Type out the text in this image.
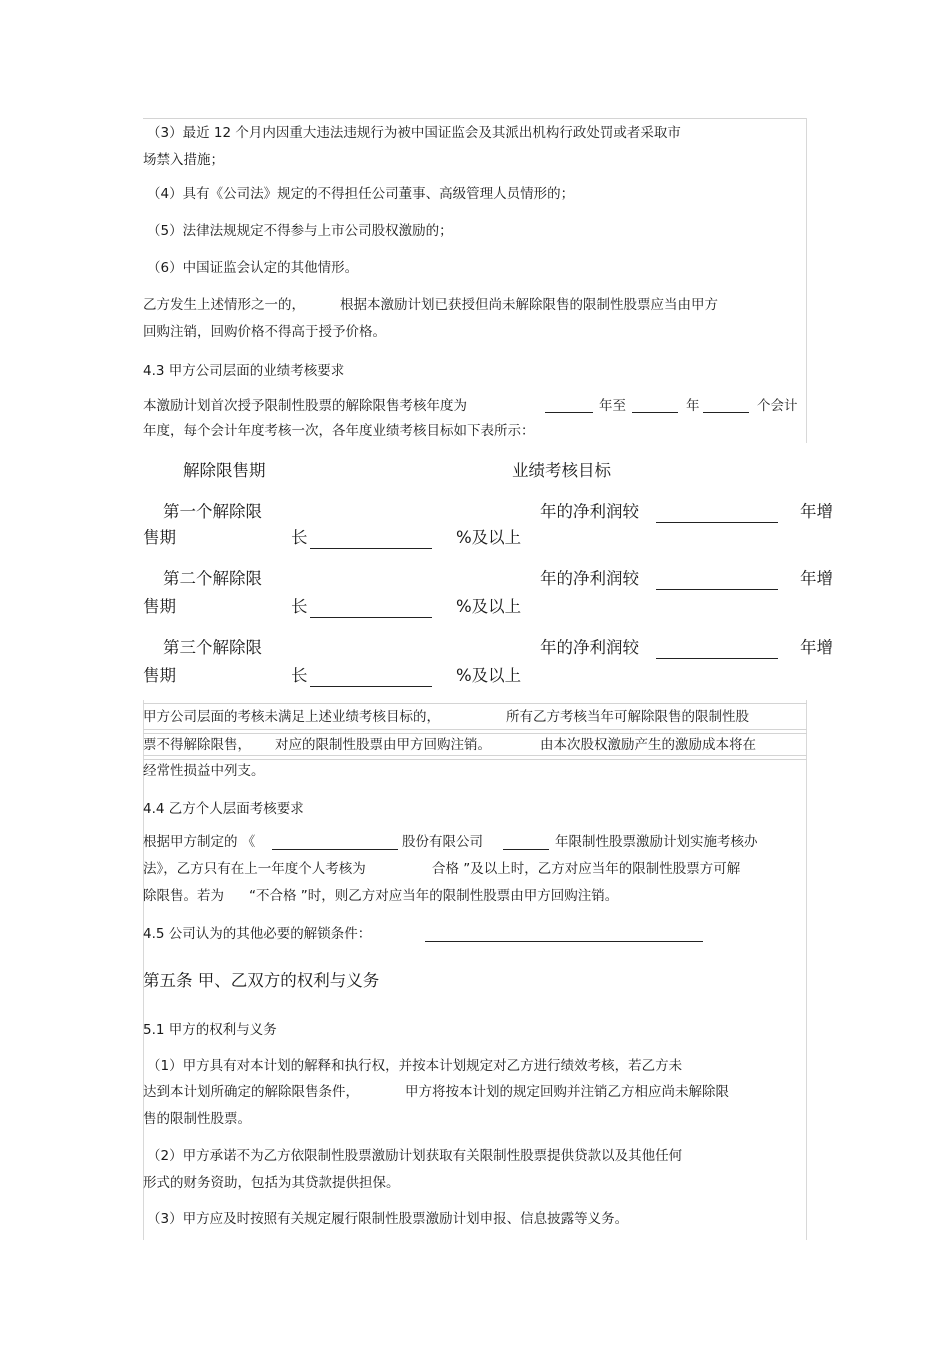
（3）最近 12 个月内因重大违法违规行为被中国证监会及其派出机构行政处罚或者采取市
场禁入措施；
（4）具有《公司法》规定的不得担任公司董事、高级管理人员情形的；
（5）法律法规规定不得参与上市公司股权激励的；
（6）中国证监会认定的其他情形。
乙方发生上述情形之一的，	根据本激励计划已获授但尚未解除限售的限制性股票应当由甲方
回购注销，回购价格不得高于授予价格。
4.3 甲方公司层面的业绩考核要求
本激励计划首次授予限制性股票的解除限售考核年度为	年至	年	个会计
年度，每个会计年度考核一次，各年度业绩考核目标如下表所示：
解除限售期	业绩考核目标
第一个解除限	年的净利润较	年增
售期	长	%及以上
第二个解除限	年的净利润较	年增
售期	长	%及以上
第三个解除限	年的净利润较	年增
售期	长	%及以上
甲方公司层面的考核未满足上述业绩考核目标的，	所有乙方考核当年可解除限售的限制性股
票不得解除限售， 对应的限制性股票由甲方回购注销。	由本次股权激励产生的激励成本将在
经常性损益中列支。
4.4 乙方个人层面考核要求
根据甲方制定的 《	股份有限公司	年限制性股票激励计划实施考核办
法》，乙方只有在上一年度个人考核为	合格 ”及以上时，乙方对应当年的限制性股票方可解
除限售。若为 “不合格 ”时，则乙方对应当年的限制性股票由甲方回购注销。
4.5 公司认为的其他必要的解锁条件：
第五条 甲、乙双方的权利与义务
5.1 甲方的权利与义务
（1）甲方具有对本计划的解释和执行权，并按本计划规定对乙方进行绩效考核，若乙方未
达到本计划所确定的解除限售条件，	甲方将按本计划的规定回购并注销乙方相应尚未解除限
售的限制性股票。
（2）甲方承诺不为乙方依限制性股票激励计划获取有关限制性股票提供贷款以及其他任何
形式的财务资助，包括为其贷款提供担保。
（3）甲方应及时按照有关规定履行限制性股票激励计划申报、信息披露等义务。
